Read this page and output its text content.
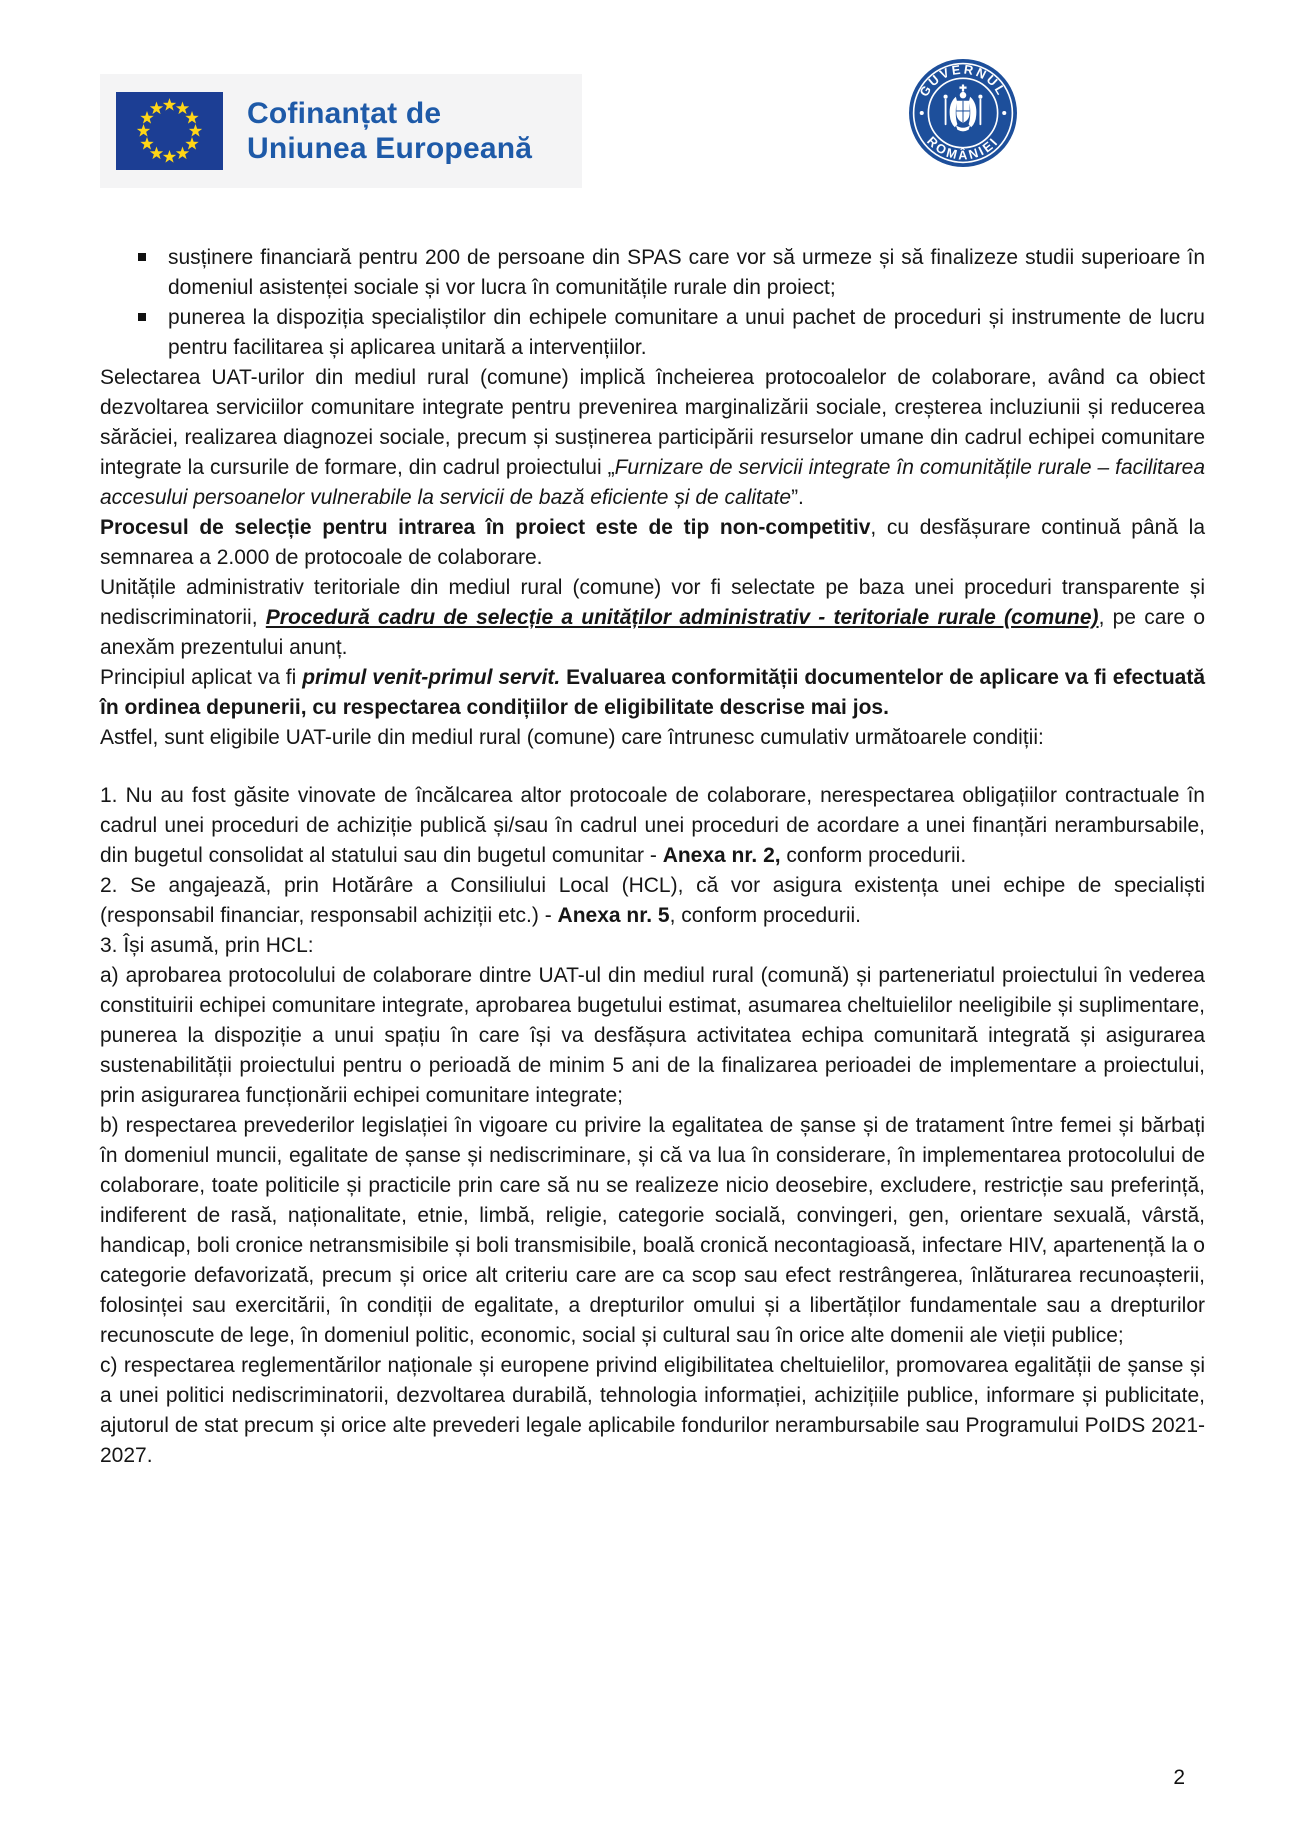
Cofinanțat de
Uniunea Europeană
GUVERNUL
ROMÂNIEI
susținere financiară pentru 200 de persoane din SPAS care vor să urmeze și să finalizeze studii superioare în domeniul asistenței sociale și vor lucra în comunitățile rurale din proiect;
punerea la dispoziția specialiștilor din echipele comunitare a unui pachet de proceduri și instrumente de lucru pentru facilitarea și aplicarea unitară a intervențiilor.

Selectarea UAT-urilor din mediul rural (comune) implică încheierea protocoalelor de colaborare, având ca obiect dezvoltarea serviciilor comunitare integrate pentru prevenirea marginalizării sociale, creșterea incluziunii și reducerea sărăciei, realizarea diagnozei sociale, precum și susținerea participării resurselor umane din cadrul echipei comunitare integrate la cursurile de formare, din cadrul proiectului „Furnizare de servicii integrate în comunitățile rurale – facilitarea accesului persoanelor vulnerabile la servicii de bază eficiente și de calitate”.

Procesul de selecție pentru intrarea în proiect este de tip non-competitiv, cu desfășurare continuă până la semnarea a 2.000 de protocoale de colaborare.

Unitățile administrativ teritoriale din mediul rural (comune) vor fi selectate pe baza unei proceduri transparente și nediscriminatorii, Procedură cadru de selecție a unităților administrativ - teritoriale rurale (comune), pe care o anexăm prezentului anunț.

Principiul aplicat va fi primul venit-primul servit. Evaluarea conformității documentelor de aplicare va fi efectuată în ordinea depunerii, cu respectarea condițiilor de eligibilitate descrise mai jos.

Astfel, sunt eligibile UAT-urile din mediul rural (comune) care întrunesc cumulativ următoarele condiții:

1. Nu au fost găsite vinovate de încălcarea altor protocoale de colaborare, nerespectarea obligațiilor contractuale în cadrul unei proceduri de achiziție publică și/sau în cadrul unei proceduri de acordare a unei finanțări nerambursabile, din bugetul consolidat al statului sau din bugetul comunitar - Anexa nr. 2, conform procedurii.

2. Se angajează, prin Hotărâre a Consiliului Local (HCL), că vor asigura existența unei echipe de specialiști (responsabil financiar, responsabil achiziții etc.) - Anexa nr. 5, conform procedurii.

3. Își asumă, prin HCL:

a) aprobarea protocolului de colaborare dintre UAT-ul din mediul rural (comună) și parteneriatul proiectului în vederea constituirii echipei comunitare integrate, aprobarea bugetului estimat, asumarea cheltuielilor neeligibile și suplimentare, punerea la dispoziție a unui spațiu în care își va desfășura activitatea echipa comunitară integrată și asigurarea sustenabilității proiectului pentru o perioadă de minim 5 ani de la finalizarea perioadei de implementare a proiectului, prin asigurarea funcționării echipei comunitare integrate;

b) respectarea prevederilor legislației în vigoare cu privire la egalitatea de șanse și de tratament între femei și bărbați în domeniul muncii, egalitate de șanse și nediscriminare, și că va lua în considerare, în implementarea protocolului de colaborare, toate politicile și practicile prin care să nu se realizeze nicio deosebire, excludere, restricție sau preferință, indiferent de rasă, naționalitate, etnie, limbă, religie, categorie socială, convingeri, gen, orientare sexuală, vârstă, handicap, boli cronice netransmisibile și boli transmisibile, boală cronică necontagioasă, infectare HIV, apartenență la o categorie defavorizată, precum și orice alt criteriu care are ca scop sau efect restrângerea, înlăturarea recunoașterii, folosinței sau exercitării, în condiții de egalitate, a drepturilor omului și a libertăților fundamentale sau a drepturilor recunoscute de lege, în domeniul politic, economic, social și cultural sau în orice alte domenii ale vieții publice;

c) respectarea reglementărilor naționale și europene privind eligibilitatea cheltuielilor, promovarea egalității de șanse și a unei politici nediscriminatorii, dezvoltarea durabilă, tehnologia informației, achizițiile publice, informare și publicitate, ajutorul de stat precum și orice alte prevederi legale aplicabile fondurilor nerambursabile sau Programului PoIDS 2021-2027.

2
